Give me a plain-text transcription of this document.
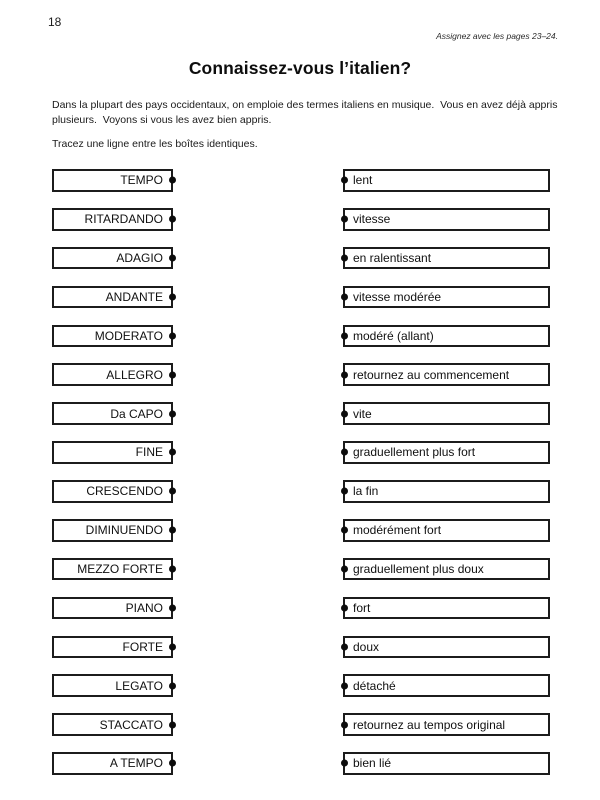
18
Assignez avec les pages 23–24.
Connaissez-vous l’italien?

Dans la plupart des pays occidentaux, on emploie des termes italiens en musique.  Vous en avez déjà appris plusieurs.  Voyons si vous les avez bien appris.

Tracez une ligne entre les boîtes identiques.

TEMPO	lent
RITARDANDO	vitesse
ADAGIO	en ralentissant
ANDANTE	vitesse modérée
MODERATO	modéré (allant)
ALLEGRO	retournez au commencement
Da CAPO	vite
FINE	graduellement plus fort
CRESCENDO	la fin
DIMINUENDO	modérément fort
MEZZO FORTE	graduellement plus doux
PIANO	fort
FORTE	doux
LEGATO	détaché
STACCATO	retournez au tempos original
A TEMPO	bien lié
